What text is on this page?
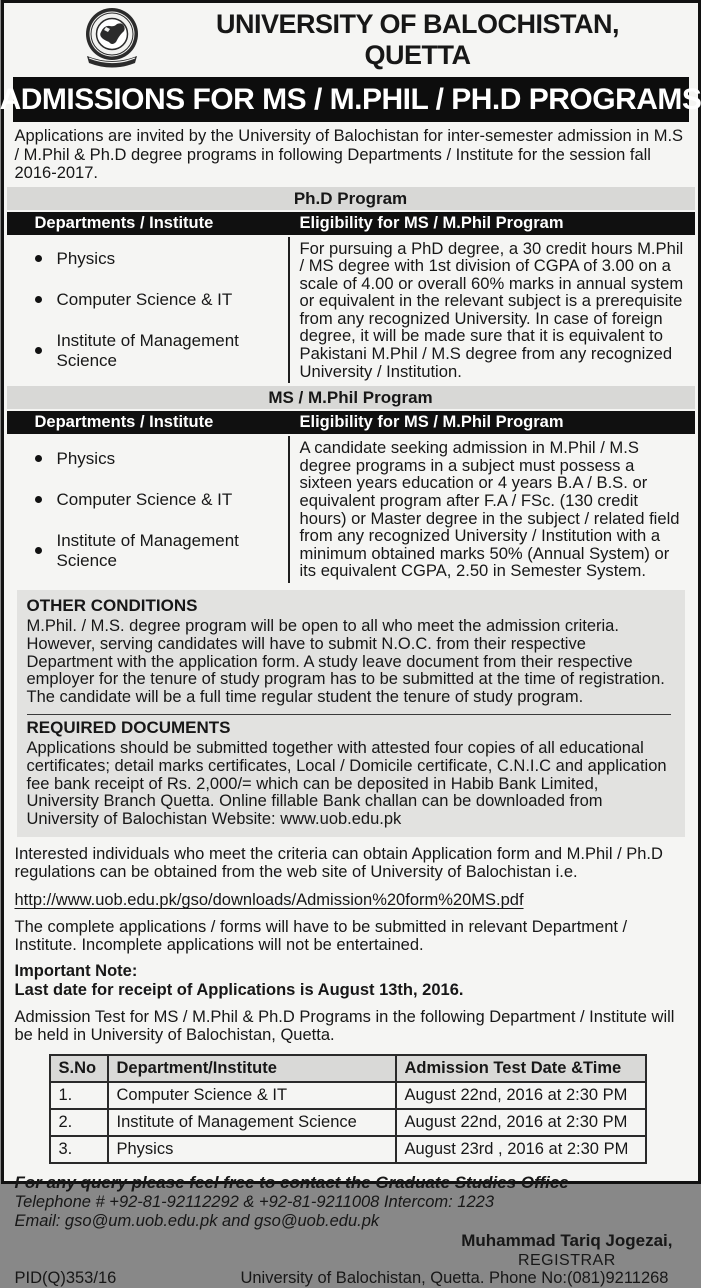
UNIVERSITY OF BALOCHISTAN, QUETTA
ADMISSIONS FOR MS / M.PHIL / PH.D PROGRAMS

Applications are invited by the University of Balochistan for inter-semester admission in M.S / M.Phil & Ph.D degree programs in following Departments / Institute for the session fall 2016-2017.

Ph.D Program
Departments / Institute	Eligibility for MS / M.Phil Program
Physics
Computer Science & IT
Institute of Management Science
For pursuing a PhD degree, a 30 credit hours M.Phil / MS degree with 1st division of CGPA of 3.00 on a scale of 4.00 or overall 60% marks in annual system or equivalent in the relevant subject is a prerequisite from any recognized University. In case of foreign degree, it will be made sure that it is equivalent to Pakistani M.Phil / M.S degree from any recognized University / Institution.
MS / M.Phil Program
Departments / Institute	Eligibility for MS / M.Phil Program
Physics
Computer Science & IT
Institute of Management Science
A candidate seeking admission in M.Phil / M.S degree programs in a subject must possess a sixteen years education or 4 years B.A / B.S. or equivalent program after F.A / FSc. (130 credit hours) or Master degree in the subject / related field from any recognized University / Institution with a minimum obtained marks 50% (Annual System) or its equivalent CGPA, 2.50 in Semester System.
OTHER CONDITIONS

M.Phil. / M.S. degree program will be open to all who meet the admission criteria. However, serving candidates will have to submit N.O.C. from their respective Department with the application form. A study leave document from their respective employer for the tenure of study program has to be submitted at the time of registration. The candidate will be a full time regular student the tenure of study program.

REQUIRED DOCUMENTS

Applications should be submitted together with attested four copies of all educational certificates; detail marks certificates, Local / Domicile certificate, C.N.I.C and application fee bank receipt of Rs. 2,000/= which can be deposited in Habib Bank Limited, University Branch Quetta. Online fillable Bank challan can be downloaded from University of Balochistan Website: www.uob.edu.pk

Interested individuals who meet the criteria can obtain Application form and M.Phil / Ph.D regulations can be obtained from the web site of University of Balochistan i.e.

http://www.uob.edu.pk/gso/downloads/Admission%20form%20MS.pdf

The complete applications / forms will have to be submitted in relevant Department / Institute. Incomplete applications will not be entertained.

Important Note:

Last date for receipt of Applications is August 13th, 2016.

Admission Test for MS / M.Phil & Ph.D Programs in the following Department / Institute will be held in University of Balochistan, Quetta.

S.No	Department/Institute	Admission Test Date &Time
1.	Computer Science & IT	August 22nd, 2016 at 2:30 PM
2.	Institute of Management Science	August 22nd, 2016 at 2:30 PM
3.	Physics	August 23rd , 2016 at 2:30 PM
For any query please feel free to contact the Graduate Studies Office
Telephone # +92-81-92112292 & +92-81-9211008 Intercom: 1223
Email: gso@um.uob.edu.pk and gso@uob.edu.pk
Muhammad Tariq Jogezai,
REGISTRAR
PID(Q)353/16	University of Balochistan, Quetta. Phone No:(081)9211268
